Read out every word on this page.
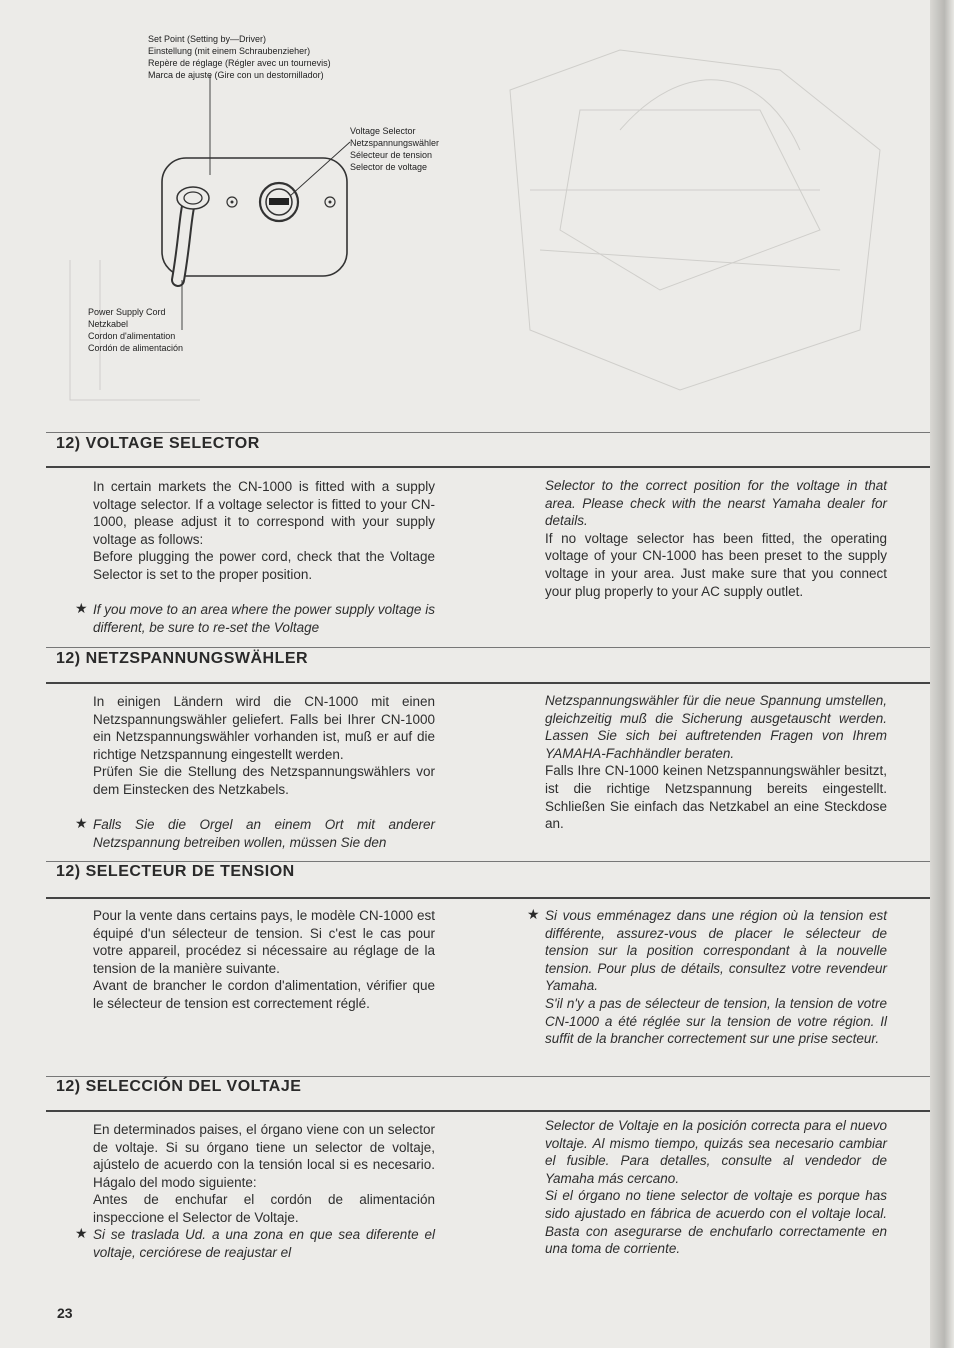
Set Point (Setting by—Driver)
Einstellung (mit einem Schraubenzieher)
Repère de réglage (Régler avec un tournevis)
Marca de ajuste (Gire con un destornillador)
Voltage Selector
Netzspannungswähler
Sélecteur de tension
Selector de voltage
Power Supply Cord
Netzkabel
Cordon d'alimentation
Cordón de alimentación
12) VOLTAGE SELECTOR

In certain markets the CN-1000 is fitted with a supply voltage selector. If a voltage selector is fitted to your CN-1000, please adjust it to correspond with your supply voltage as follows:

Before plugging the power cord, check that the Voltage Selector is set to the proper position.

★ If you move to an area where the power supply voltage is different, be sure to re-set the Voltage

Selector to the correct position for the voltage in that area. Please check with the nearst Yamaha dealer for details.

If no voltage selector has been fitted, the operating voltage of your CN-1000 has been preset to the supply voltage in your area. Just make sure that you connect your plug properly to your AC supply outlet.

12) NETZSPANNUNGSWÄHLER

In einigen Ländern wird die CN-1000 mit einen Netzspannungswähler geliefert. Falls bei Ihrer CN-1000 ein Netzspannungswähler vorhanden ist, muß er auf die richtige Netzspannung eingestellt werden.

Prüfen Sie die Stellung des Netzspannungswählers vor dem Einstecken des Netzkabels.

★ Falls Sie die Orgel an einem Ort mit anderer Netzspannung betreiben wollen, müssen Sie den

Netzspannungswähler für die neue Spannung umstellen, gleichzeitig muß die Sicherung ausgetauscht werden. Lassen Sie sich bei auftretenden Fragen von Ihrem YAMAHA-Fachhändler beraten.

Falls Ihre CN-1000 keinen Netzspannungswähler besitzt, ist die richtige Netzspannung bereits eingestellt. Schließen Sie einfach das Netzkabel an eine Steckdose an.

12) SELECTEUR DE TENSION

Pour la vente dans certains pays, le modèle CN-1000 est équipé d'un sélecteur de tension. Si c'est le cas pour votre appareil, procédez si nécessaire au réglage de la tension de la manière suivante.

Avant de brancher le cordon d'alimentation, vérifier que le sélecteur de tension est correctement réglé.

★ Si vous emménagez dans une région où la tension est différente, assurez-vous de placer le sélecteur de tension sur la position correspondant à la nouvelle tension. Pour plus de détails, consultez votre revendeur Yamaha.

S'il n'y a pas de sélecteur de tension, la tension de votre CN-1000 a été réglée sur la tension de votre région. Il suffit de la brancher correctement sur une prise secteur.

12) SELECCIÓN DEL VOLTAJE

En determinados paises, el órgano viene con un selector de voltaje. Si su órgano tiene un selector de voltaje, ajústelo de acuerdo con la tensión local si es necesario. Hágalo del modo siguiente:

Antes de enchufar el cordón de alimentación inspeccione el Selector de Voltaje.

★ Si se traslada Ud. a una zona en que sea diferente el voltaje, cerciórese de reajustar el

Selector de Voltaje en la posición correcta para el nuevo voltaje. Al mismo tiempo, quizás sea necesario cambiar el fusible. Para detalles, consulte al vendedor de Yamaha más cercano.

Si el órgano no tiene selector de voltaje es porque has sido ajustado en fábrica de acuerdo con el voltaje local. Basta con asegurarse de enchufarlo correctamente en una toma de corriente.

23
